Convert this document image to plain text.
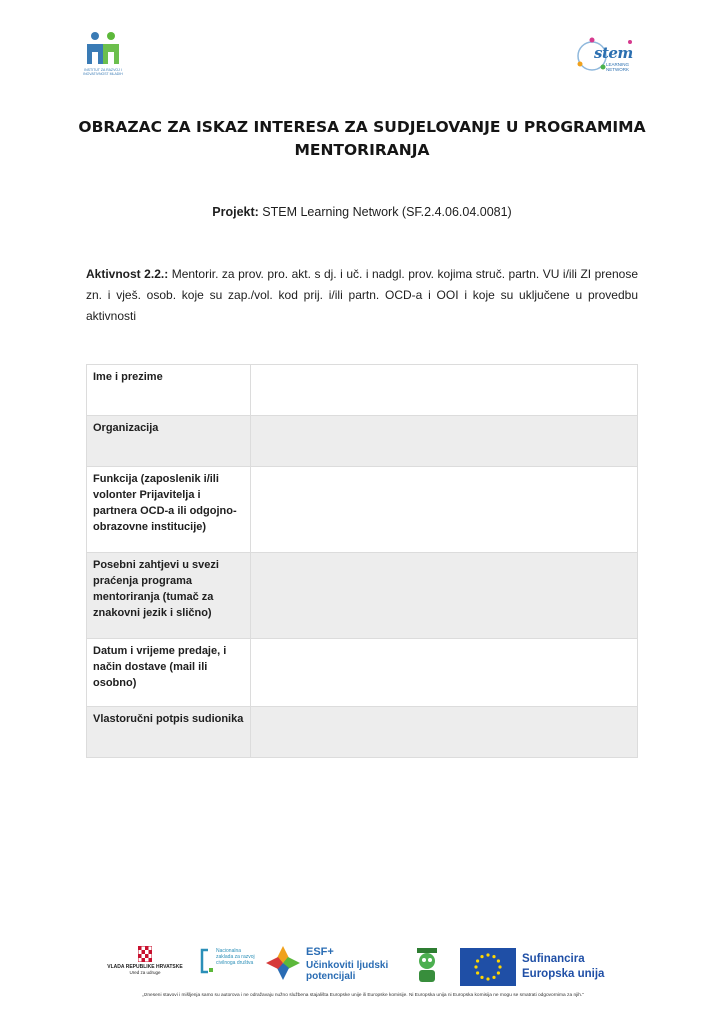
INSTITUT ZA RAZVOJ I INOVATIVNOST MLADIH
stem
LEARNING
NETWORK
OBRAZAC ZA ISKAZ INTERESA ZA SUDJELOVANJE U PROGRAMIMA
MENTORIRANJA
Projekt: STEM Learning Network (SF.2.4.06.04.0081)
Aktivnost 2.2.: Mentorir. za prov. pro. akt. s dj. i uč. i nadgl. prov. kojima struč. partn. VU i/ili ZI prenose zn. i vješ. osob. koje su zap./vol. kod prij. i/ili partn. OCD-a i OOI i koje su uključene u provedbu aktivnosti
Ime i prezime	
Organizacija	
Funkcija (zaposlenik i/ili volonter Prijavitelja i partnera OCD-a ili odgojno-obrazovne institucije)	
Posebni zahtjevi u svezi praćenja programa mentoriranja (tumač za znakovni jezik i slično)	
Datum i vrijeme predaje, i način dostave (mail ili osobno)	
Vlastoručni potpis sudionika	
VLADA REPUBLIKE HRVATSKE
Ured za udruge
Nacionalna zaklada za razvoj civilnoga društva
ESF+
Učinkoviti ljudski potencijali
Sufinancira
Europska unija
„Izneseni stavovi i mišljenja samo su autorova i ne odražavaju nužno službena stajališta Europske unije ili Europske komisije. Ni Europska unija ni Europska komisija ne mogu se smatrati odgovornima za njih."
